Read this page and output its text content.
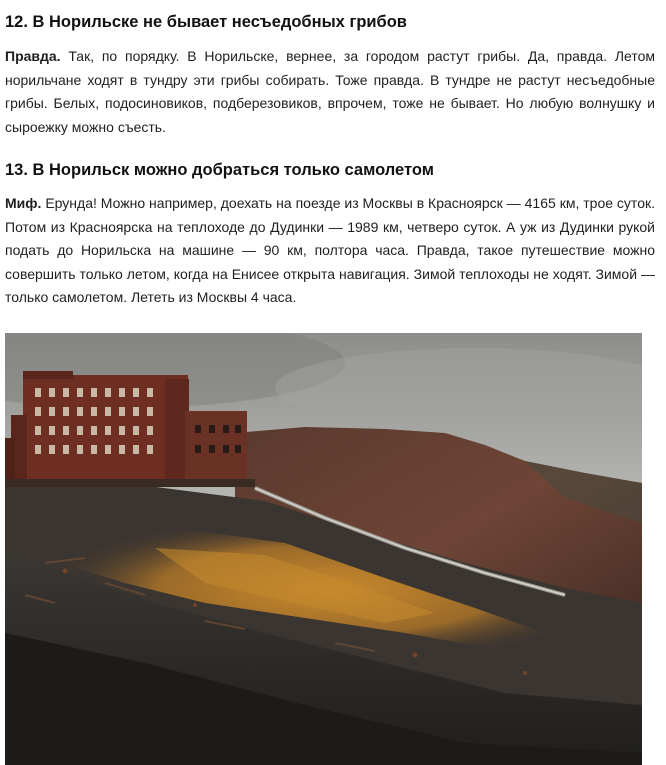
12. В Норильске не бывает несъедобных грибов

Правда. Так, по порядку. В Норильске, вернее, за городом растут грибы. Да, правда. Летом норильчане ходят в тундру эти грибы собирать. Тоже правда. В тундре не растут несъедобные грибы. Белых, подосиновиков, подберезовиков, впрочем, тоже не бывает. Но любую волнушку и сыроежку можно съесть.

13. В Норильск можно добраться только самолетом

Миф. Ерунда! Можно например, доехать на поезде из Москвы в Красноярск — 4165 км, трое суток. Потом из Красноярска на теплоходе до Дудинки — 1989 км, четверо суток. А уж из Дудинки рукой подать до Норильска на машине — 90 км, полтора часа. Правда, такое путешествие можно совершить только летом, когда на Енисее открыта навигация. Зимой теплоходы не ходят. Зимой — только самолетом. Лететь из Москвы 4 часа.
